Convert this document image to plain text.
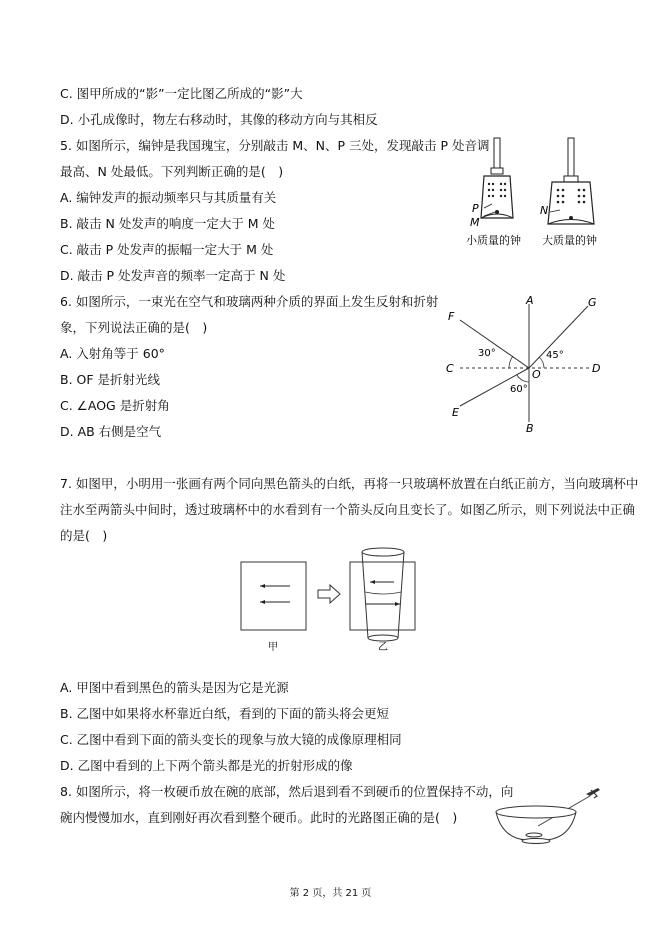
C. 图甲所成的“影”一定比图乙所成的“影”大
D. 小孔成像时，物左右移动时，其像的移动方向与其相反
5. 如图所示，编钟是我国瑰宝，分别敲击 M、N、P 三处，发现敲击 P 处音调
最高、N 处最低。下列判断正确的是(　)
A. 编钟发声的振动频率只与其质量有关
B. 敲击 N 处发声的响度一定大于 M 处
C. 敲击 P 处发声的振幅一定大于 M 处
D. 敲击 P 处发声音的频率一定高于 N 处
6. 如图所示，一束光在空气和玻璃两种介质的界面上发生反射和折射
象，下列说法正确的是(　)
A. 入射角等于 60°
B. OF 是折射光线
C. ∠AOG 是折射角
D. AB 右侧是空气
7. 如图甲，小明用一张画有两个同向黑色箭头的白纸，再将一只玻璃杯放置在白纸正前方，当向玻璃杯中
注水至两箭头中间时，透过玻璃杯中的水看到有一个箭头反向且变长了。如图乙所示，则下列说法中正确
的是(　)
A. 甲图中看到黑色的箭头是因为它是光源
B. 乙图中如果将水杯靠近白纸，看到的下面的箭头将会更短
C. 乙图中看到下面的箭头变长的现象与放大镜的成像原理相同
D. 乙图中看到的上下两个箭头都是光的折射形成的像
8. 如图所示，将一枚硬币放在碗的底部，然后退到看不到硬币的位置保持不动，向
碗内慢慢加水，直到刚好再次看到整个硬币。此时的光路图正确的是(　)
P
M
小质量的钟
N
大质量的钟
A
B
C	D
E
F
G
O
30°	45°
60°
甲	乙
第 2 页，共 21 页
